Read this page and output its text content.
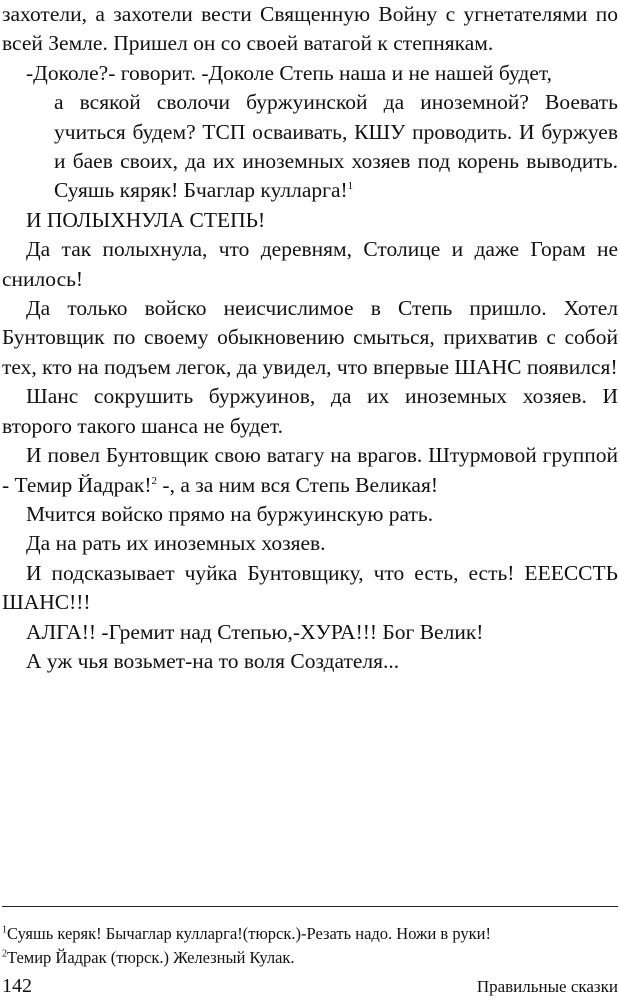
захотели, а захотели вести Священную Войну с угнетателями по всей Земле. Пришел он со своей ватагой к степнякам.

-Доколе?- говорит. -Доколе Степь наша и не нашей будет,
а всякой сволочи буржуинской да иноземной? Воевать учиться будем? ТСП осваивать, КШУ проводить. И буржуев и баев своих, да их иноземных хозяев под корень выводить. Суяшь кяряк! Бчаглар кулларга!$^1$

И ПОЛЫХНУЛА СТЕПЬ!

Да так полыхнула, что деревням, Столице и даже Горам не снилось!

Да только войско неисчислимое в Степь пришло. Хотел Бунтовщик по своему обыкновению смыться, прихватив с собой тех, кто на подъем легок, да увидел, что впервые ШАНС появился!

Шанс сокрушить буржуинов, да их иноземных хозяев. И второго такого шанса не будет.

И повел Бунтовщик свою ватагу на врагов. Штурмовой группой - Темир Йадрак!$^2$ -, а за ним вся Степь Великая!

Мчится войско прямо на буржуинскую рать.

Да на рать их иноземных хозяев.

И подсказывает чуйка Бунтовщику, что есть, есть! ЕЕЕССТЬ ШАНС!!!

АЛГА!! -Гремит над Степью,-ХУРА!!! Бог Велик!

А уж чья возьмет-на то воля Создателя...

$^1$Суяшь керяк! Бычаглар кулларга!(тюрск.)-Резать надо. Ножи в руки!
$^2$Темир Йадрак (тюрск.) Железный Кулак.
142	Правильные сказки
